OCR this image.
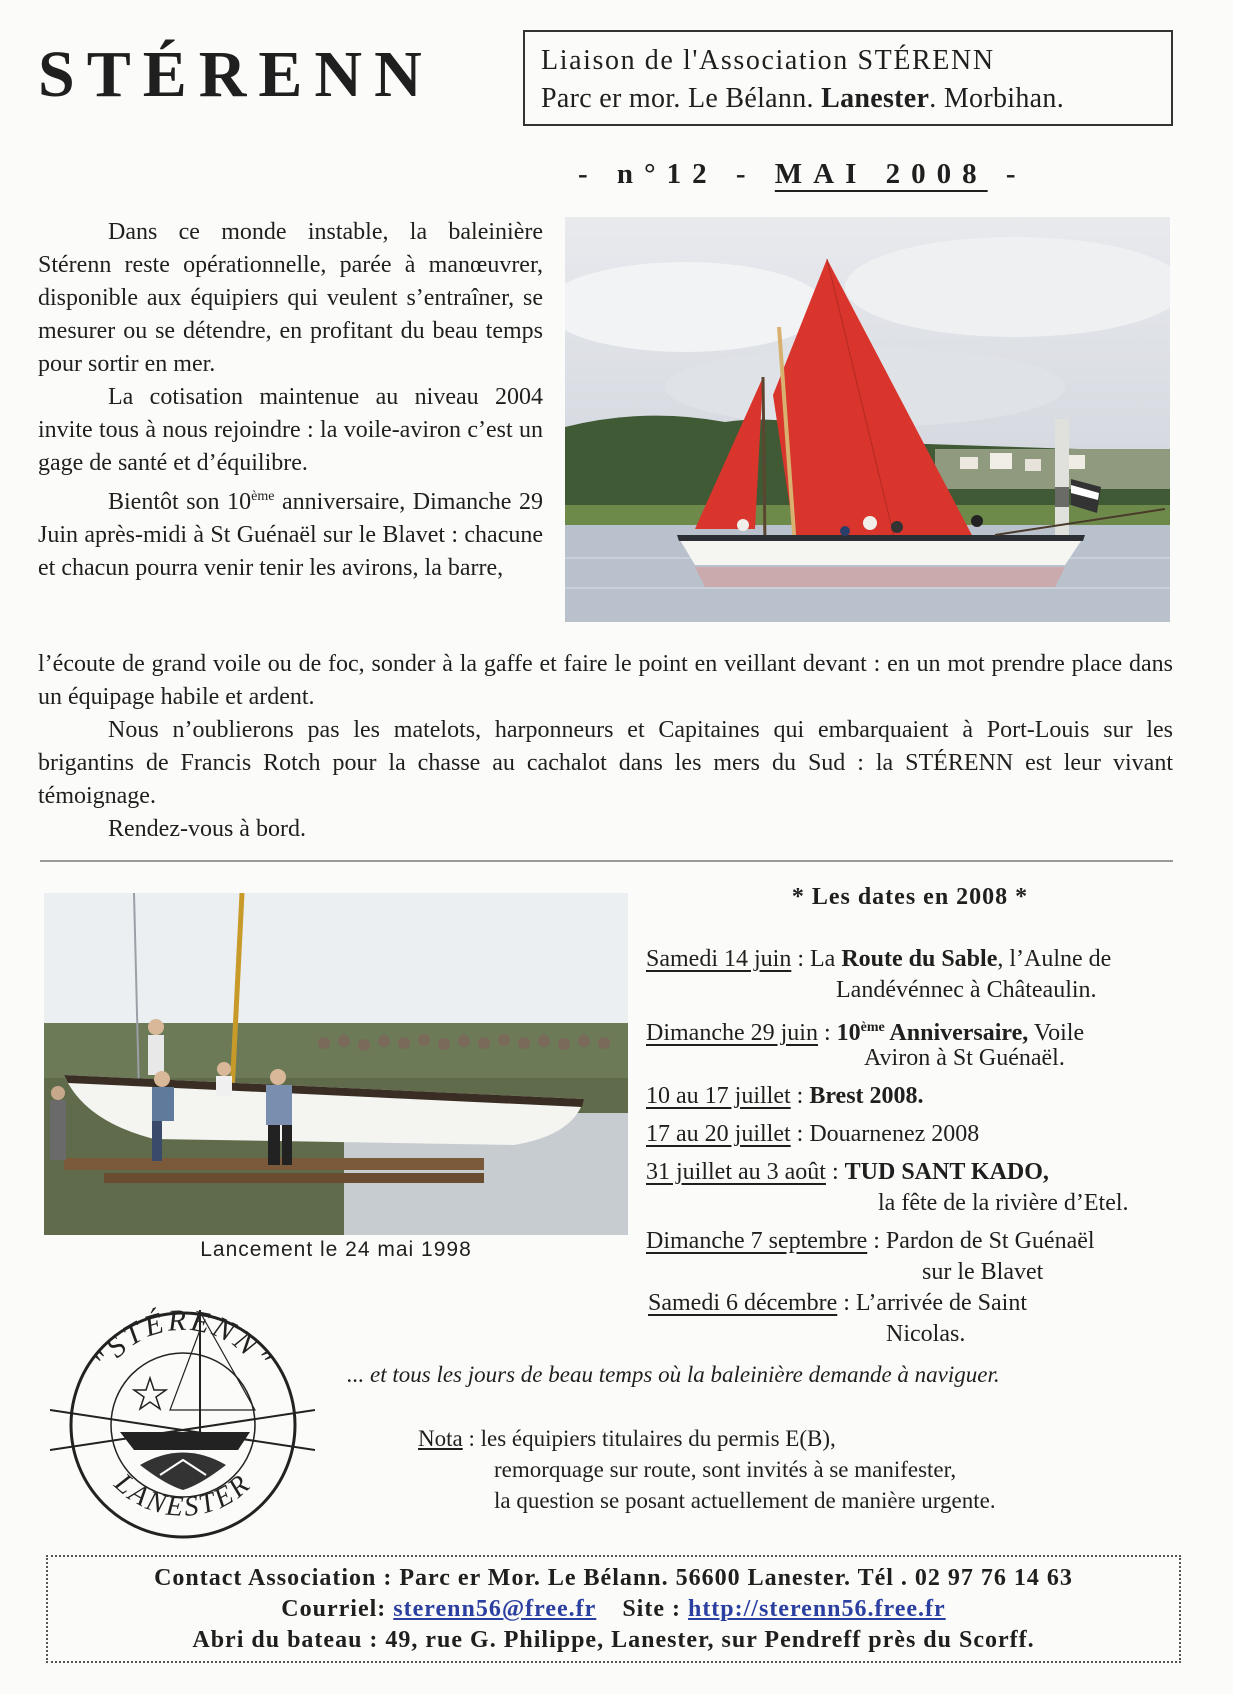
STÉRENN	Liaison de l'Association STÉRENN
Parc er mor. Le Bélann. Lanester. Morbihan.
- n°12 - MAI 2008 -

Dans ce monde instable, la baleinière Stérenn reste opérationnelle, parée à manœuvrer, disponible aux équipiers qui veulent s’entraîner, se mesurer ou se détendre, en profitant du beau temps pour sortir en mer.

La cotisation maintenue au niveau 2004 invite tous à nous rejoindre : la voile-aviron c’est un gage de santé et d’équilibre.

Bientôt son 10ème anniversaire, Dimanche 29 Juin après-midi à St Guénaël sur le Blavet : chacune et chacun pourra venir tenir les avirons, la barre,

l’écoute de grand voile ou de foc, sonder à la gaffe et faire le point en veillant devant : en un mot prendre place dans un équipage habile et ardent.

Nous n’oublierons pas les matelots, harponneurs et Capitaines qui embarquaient à Port-Louis sur les brigantins de Francis Rotch pour la chasse au cachalot dans les mers du Sud : la STÉRENN est leur vivant témoignage.

Rendez-vous à bord.

Lancement le 24 mai 1998
* Les dates en 2008 *
Samedi 14 juin : La Route du Sable, l’Aulne de
Landévénnec à Châteaulin.
Dimanche 29 juin : 10ème Anniversaire, Voile
Aviron à St Guénaël.
10 au 17 juillet : Brest 2008.
17 au 20 juillet : Douarnenez 2008
31 juillet au 3 août : TUD SANT KADO,
la fête de la rivière d’Etel.
Dimanche 7 septembre : Pardon de St Guénaël
sur le Blavet
Samedi 6 décembre : L’arrivée de Saint
Nicolas.
... et tous les jours de beau temps où la baleinière demande à naviguer.
"STÉRENN"
LANESTER
Nota : les équipiers titulaires du permis E(B),
remorquage sur route, sont invités à se manifester,
la question se posant actuellement de manière urgente.
Contact Association : Parc er Mor. Le Bélann. 56600 Lanester. Tél . 02 97 76 14 63
Courriel: sterenn56@free.fr Site : http://sterenn56.free.fr
Abri du bateau : 49, rue G. Philippe, Lanester, sur Pendreff près du Scorff.
